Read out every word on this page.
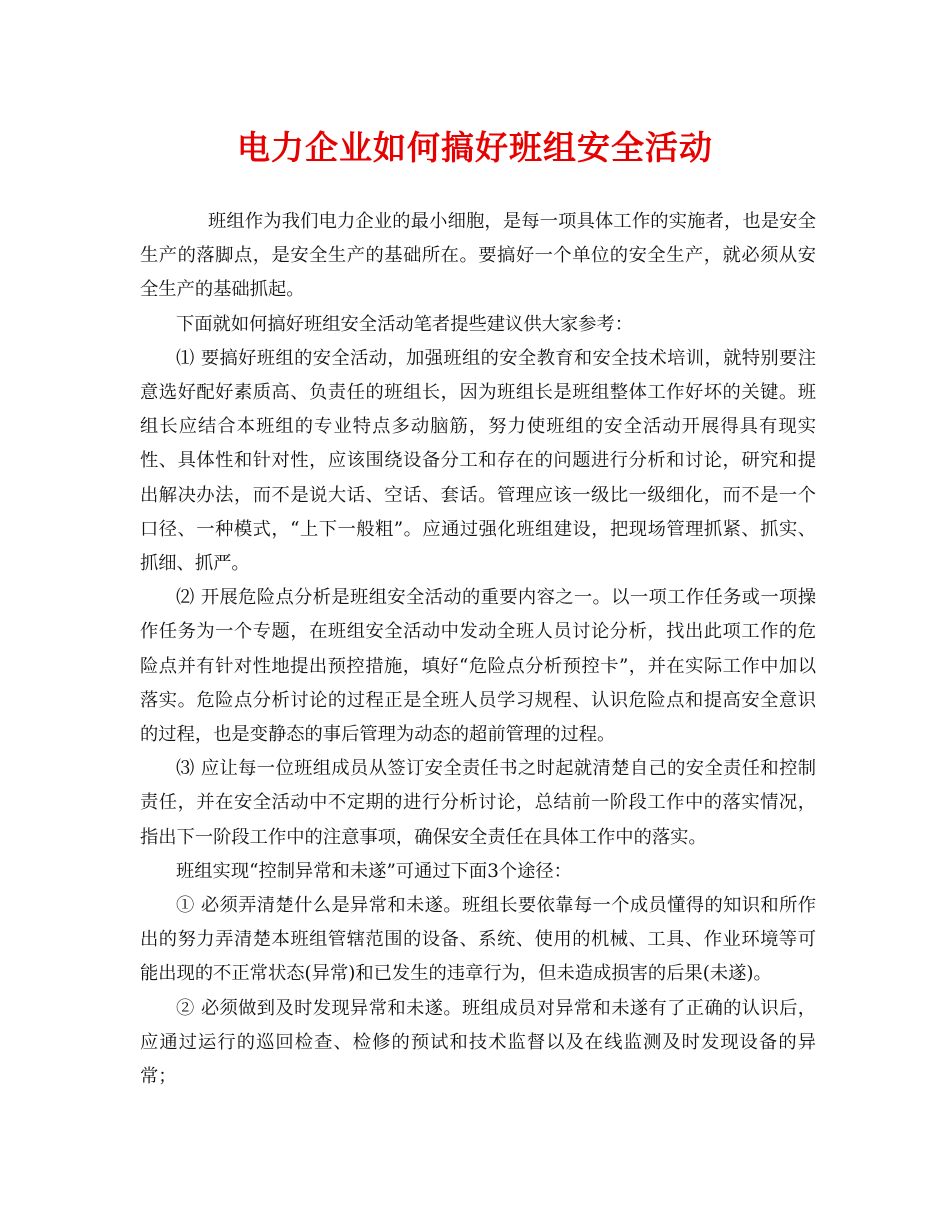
电力企业如何搞好班组安全活动

班组作为我们电力企业的最小细胞，是每一项具体工作的实施者，也是安全生产的落脚点，是安全生产的基础所在。要搞好一个单位的安全生产，就必须从安全生产的基础抓起。

下面就如何搞好班组安全活动笔者提些建议供大家参考：

⑴ 要搞好班组的安全活动，加强班组的安全教育和安全技术培训，就特别要注意选好配好素质高、负责任的班组长，因为班组长是班组整体工作好坏的关键。班组长应结合本班组的专业特点多动脑筋，努力使班组的安全活动开展得具有现实性、具体性和针对性，应该围绕设备分工和存在的问题进行分析和讨论，研究和提出解决办法，而不是说大话、空话、套话。管理应该一级比一级细化，而不是一个口径、一种模式，“上下一般粗”。应通过强化班组建设，把现场管理抓紧、抓实、抓细、抓严。

⑵ 开展危险点分析是班组安全活动的重要内容之一。以一项工作任务或一项操作任务为一个专题，在班组安全活动中发动全班人员讨论分析，找出此项工作的危险点并有针对性地提出预控措施，填好“危险点分析预控卡”，并在实际工作中加以落实。危险点分析讨论的过程正是全班人员学习规程、认识危险点和提高安全意识的过程，也是变静态的事后管理为动态的超前管理的过程。

⑶ 应让每一位班组成员从签订安全责任书之时起就清楚自己的安全责任和控制责任，并在安全活动中不定期的进行分析讨论，总结前一阶段工作中的落实情况，指出下一阶段工作中的注意事项，确保安全责任在具体工作中的落实。

班组实现“控制异常和未遂”可通过下面3个途径：

① 必须弄清楚什么是异常和未遂。班组长要依靠每一个成员懂得的知识和所作出的努力弄清楚本班组管辖范围的设备、系统、使用的机械、工具、作业环境等可能出现的不正常状态(异常)和已发生的违章行为，但未造成损害的后果(未遂)。

② 必须做到及时发现异常和未遂。班组成员对异常和未遂有了正确的认识后，应通过运行的巡回检查、检修的预试和技术监督以及在线监测及时发现设备的异常；
